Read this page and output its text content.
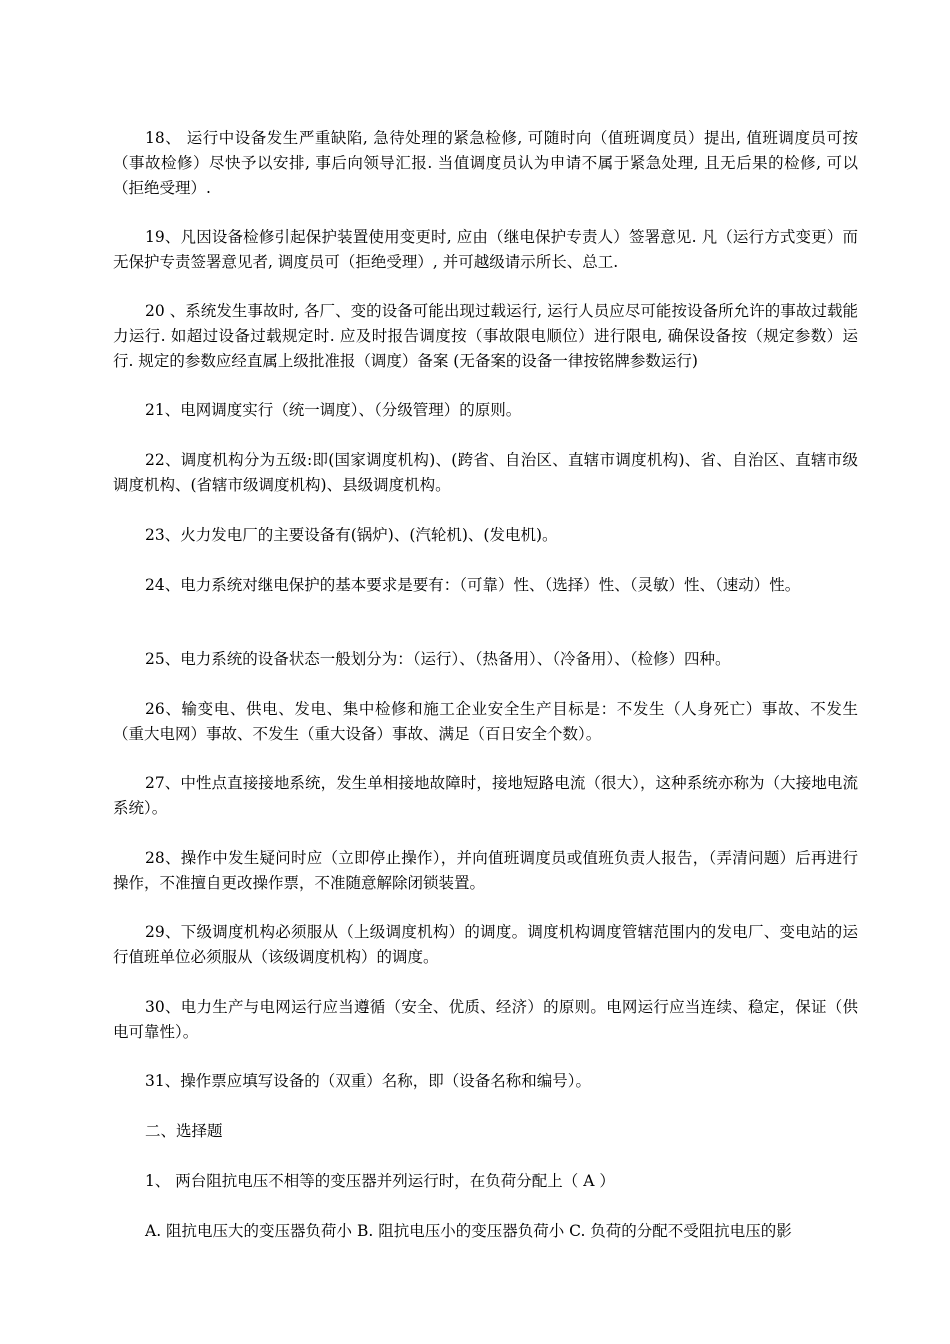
18、 运行中设备发生严重缺陷, 急待处理的紧急检修, 可随时向（值班调度员）提出, 值班调度员可按（事故检修）尽快予以安排, 事后向领导汇报. 当值调度员认为申请不属于紧急处理, 且无后果的检修, 可以（拒绝受理）.
19、凡因设备检修引起保护装置使用变更时, 应由（继电保护专责人）签署意见. 凡（运行方式变更）而无保护专责签署意见者, 调度员可（拒绝受理）, 并可越级请示所长、总工.
20 、系统发生事故时, 各厂、变的设备可能出现过载运行, 运行人员应尽可能按设备所允许的事故过载能力运行. 如超过设备过载规定时. 应及时报告调度按（事故限电顺位）进行限电, 确保设备按（规定参数）运行. 规定的参数应经直属上级批准报（调度）备案 (无备案的设备一律按铭牌参数运行)
21、电网调度实行（统一调度）、（分级管理）的原则。
22、调度机构分为五级:即(国家调度机构)、(跨省、自治区、直辖市调度机构)、省、自治区、直辖市级调度机构、(省辖市级调度机构)、县级调度机构。
23、火力发电厂的主要设备有(锅炉)、(汽轮机)、(发电机)。
24、电力系统对继电保护的基本要求是要有：（可靠）性、（选择）性、（灵敏）性、（速动）性。
25、电力系统的设备状态一般划分为：（运行）、（热备用）、（冷备用）、（检修）四种。
26、输变电、供电、发电、集中检修和施工企业安全生产目标是：不发生（人身死亡）事故、不发生（重大电网）事故、不发生（重大设备）事故、满足（百日安全个数）。
27、中性点直接接地系统，发生单相接地故障时，接地短路电流（很大），这种系统亦称为（大接地电流系统）。
28、操作中发生疑问时应（立即停止操作），并向值班调度员或值班负责人报告，（弄清问题）后再进行操作，不准擅自更改操作票，不准随意解除闭锁装置。
29、下级调度机构必须服从（上级调度机构）的调度。调度机构调度管辖范围内的发电厂、变电站的运行值班单位必须服从（该级调度机构）的调度。
30、电力生产与电网运行应当遵循（安全、优质、经济）的原则。电网运行应当连续、稳定，保证（供电可靠性）。
31、操作票应填写设备的（双重）名称，即（设备名称和编号）。
二、选择题
1、 两台阻抗电压不相等的变压器并列运行时，在负荷分配上（ A ）
A. 阻抗电压大的变压器负荷小 B. 阻抗电压小的变压器负荷小 C. 负荷的分配不受阻抗电压的影
